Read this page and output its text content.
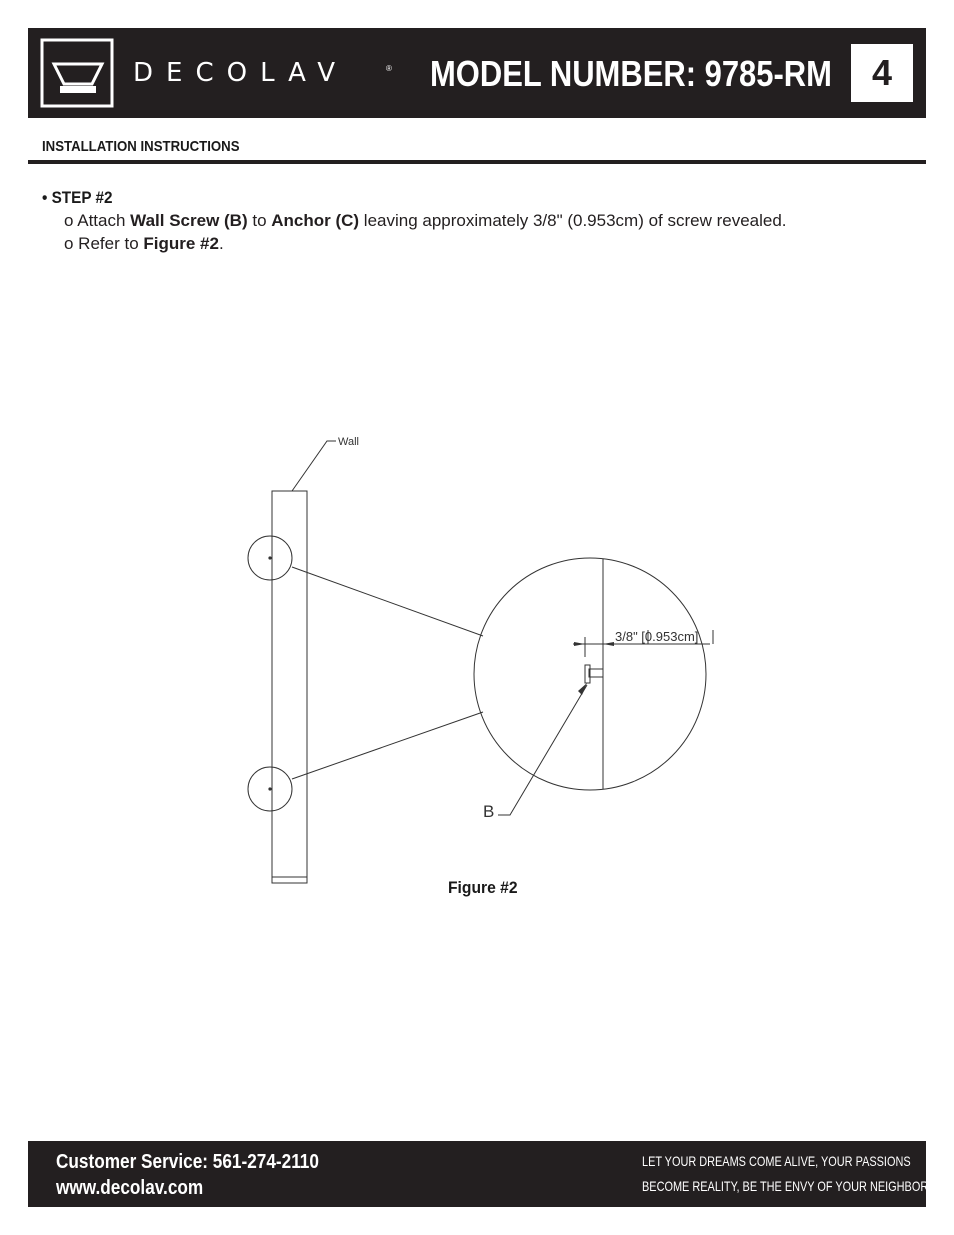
DECOLAV	® MODEL NUMBER: 9785-RM	4
INSTALLATION INSTRUCTIONS
• STEP #2
o Attach Wall Screw (B) to Anchor (C) leaving approximately 3/8" (0.953cm) of screw revealed.
o Refer to Figure #2.
Wall
3/8" [0.953cm]
B
Figure #2
Customer Service: 561-274-2110
www.decolav.com
LET YOUR DREAMS COME ALIVE, YOUR PASSIONS
BECOME REALITY, BE THE ENVY OF YOUR NEIGHBORS®
